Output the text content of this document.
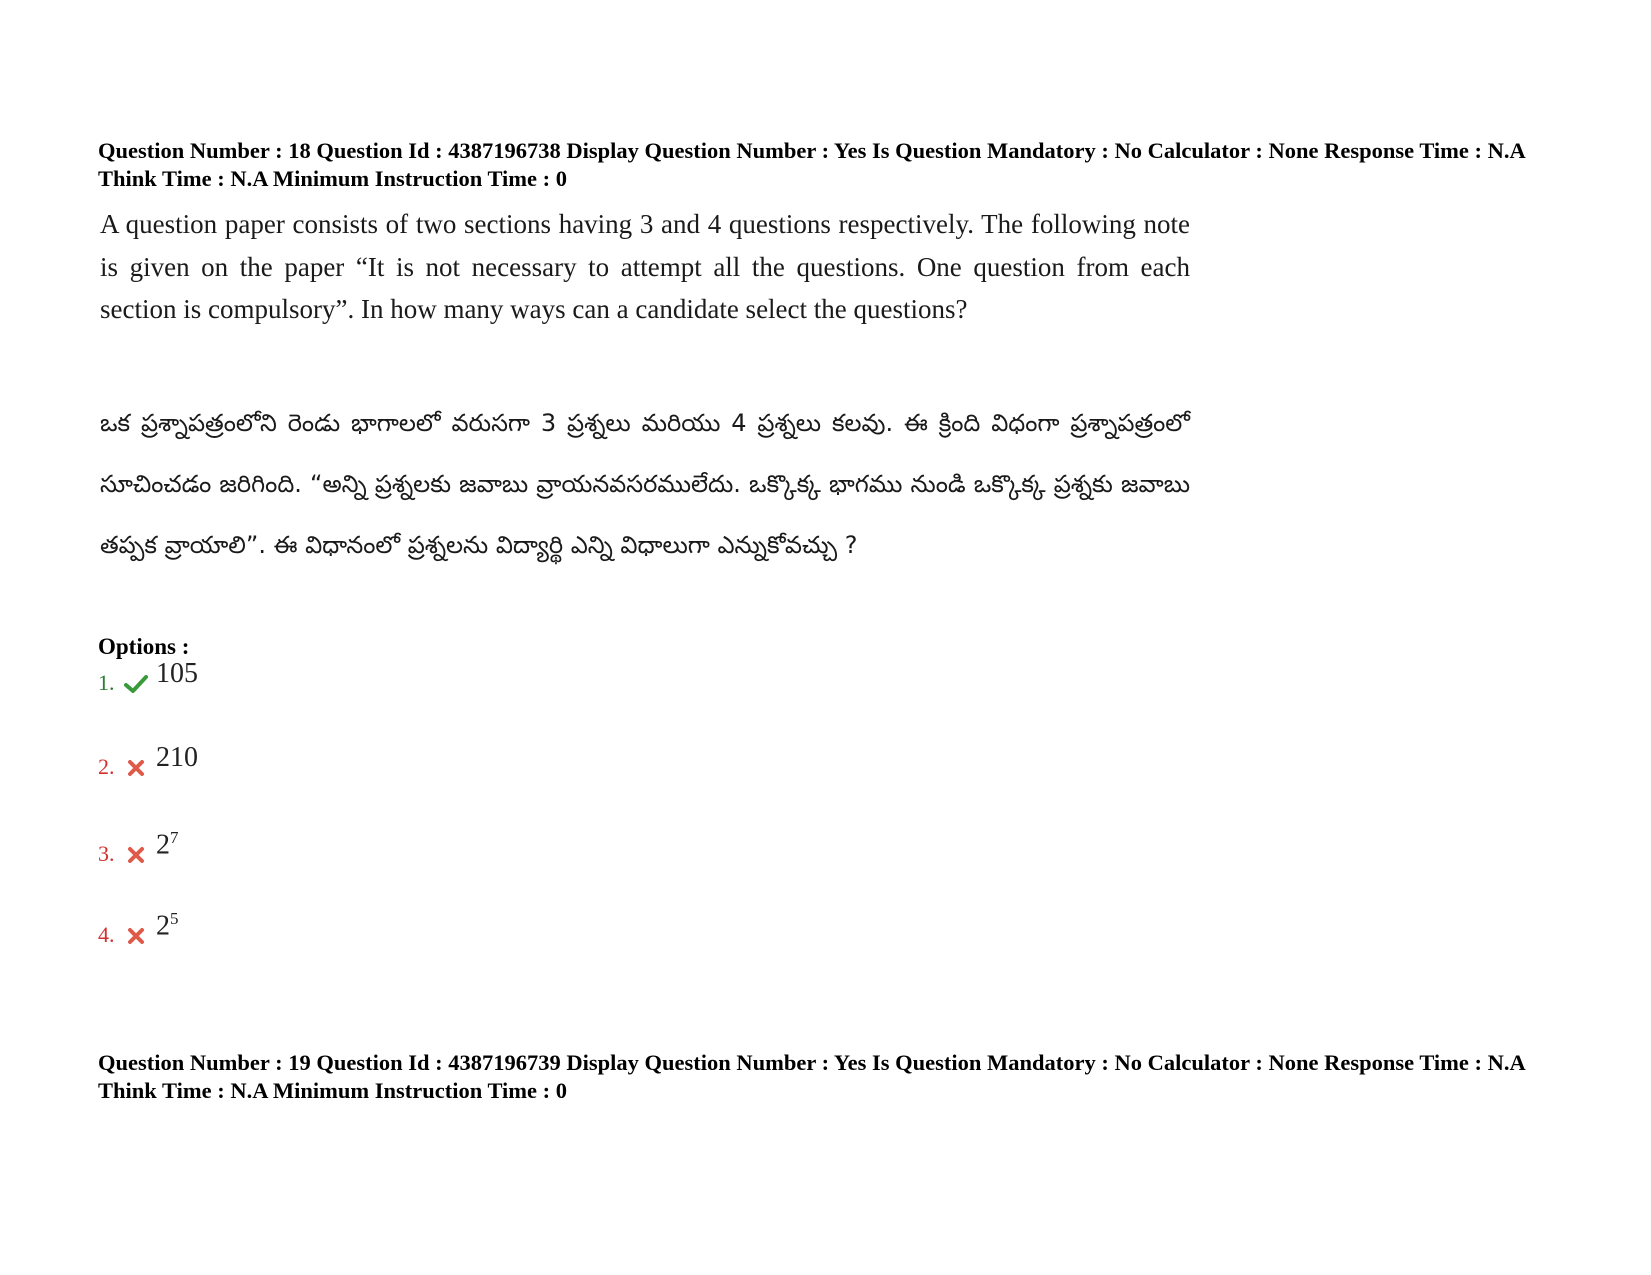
Question Number : 18 Question Id : 4387196738 Display Question Number : Yes Is Question Mandatory : No Calculator : None Response Time : N.A Think Time : N.A Minimum Instruction Time : 0
A question paper consists of two sections having 3 and 4 questions respectively. The following note is given on the paper “It is not necessary to attempt all the questions. One question from each section is compulsory”. In how many ways can a candidate select the questions?
ఒక ప్రశ్నాపత్రంలోని రెండు భాగాలలో వరుసగా 3 ప్రశ్నలు మరియు 4 ప్రశ్నలు కలవు. ఈ క్రింది విధంగా ప్రశ్నాపత్రంలో సూచించడం జరిగింది. “అన్ని ప్రశ్నలకు జవాబు వ్రాయనవసరములేదు. ఒక్కొక్క భాగము నుండి ఒక్కొక్క ప్రశ్నకు జవాబు తప్పక వ్రాయాలి”. ఈ విధానంలో ప్రశ్నలను విద్యార్థి ఎన్ని విధాలుగా ఎన్నుకోవచ్చు ?
Options :
1. 105
2. 210
3. $2^7$
4. $2^5$
Question Number : 19 Question Id : 4387196739 Display Question Number : Yes Is Question Mandatory : No Calculator : None Response Time : N.A Think Time : N.A Minimum Instruction Time : 0
